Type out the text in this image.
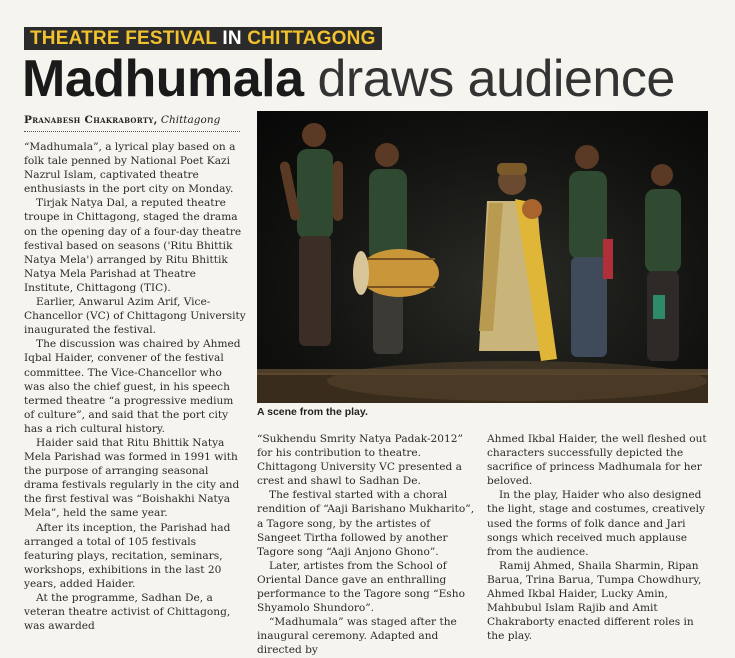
THEATRE FESTIVAL IN CHITTAGONG
Madhumala draws audience
Pranabesh Chakraborty, Chittagong

“Madhumala”, a lyrical play based on a folk tale penned by National Poet Kazi Nazrul Islam, captivated theatre enthusiasts in the port city on Monday.

Tirjak Natya Dal, a reputed theatre troupe in Chittagong, staged the drama on the opening day of a four-day theatre festival based on seasons ('Ritu Bhittik Natya Mela') arranged by Ritu Bhittik Natya Mela Parishad at Theatre Institute, Chittagong (TIC).

Earlier, Anwarul Azim Arif, Vice-Chancellor (VC) of Chittagong University inaugurated the festival.

The discussion was chaired by Ahmed Iqbal Haider, convener of the festival committee. The Vice-Chancellor who was also the chief guest, in his speech termed theatre “a progressive medium of culture”, and said that the port city has a rich cultural history.

Haider said that Ritu Bhittik Natya Mela Parishad was formed in 1991 with the purpose of arranging seasonal drama festivals regularly in the city and the first festival was “Boishakhi Natya Mela”, held the same year.

After its inception, the Parishad had arranged a total of 105 festivals featuring plays, recitation, seminars, workshops, exhibitions in the last 20 years, added Haider.

At the programme, Sadhan De, a veteran theatre activist of Chittagong, was awarded

A scene from the play.

“Sukhendu Smrity Natya Padak-2012” for his contribution to theatre. Chittagong University VC presented a crest and shawl to Sadhan De.

The festival started with a choral rendition of “Aaji Barishano Mukharito”, a Tagore song, by the artistes of Sangeet Tirtha followed by another Tagore song “Aaji Anjono Ghono”.

Later, artistes from the School of Oriental Dance gave an enthralling performance to the Tagore song “Esho Shyamolo Shundoro”.

“Madhumala” was staged after the inaugural ceremony. Adapted and directed by

Ahmed Ikbal Haider, the well fleshed out characters successfully depicted the sacrifice of princess Madhumala for her beloved.

In the play, Haider who also designed the light, stage and costumes, creatively used the forms of folk dance and Jari songs which received much applause from the audience.

Ramij Ahmed, Shaila Sharmin, Ripan Barua, Trina Barua, Tumpa Chowdhury, Ahmed Ikbal Haider, Lucky Amin, Mahbubul Islam Rajib and Amit Chakraborty enacted different roles in the play.
